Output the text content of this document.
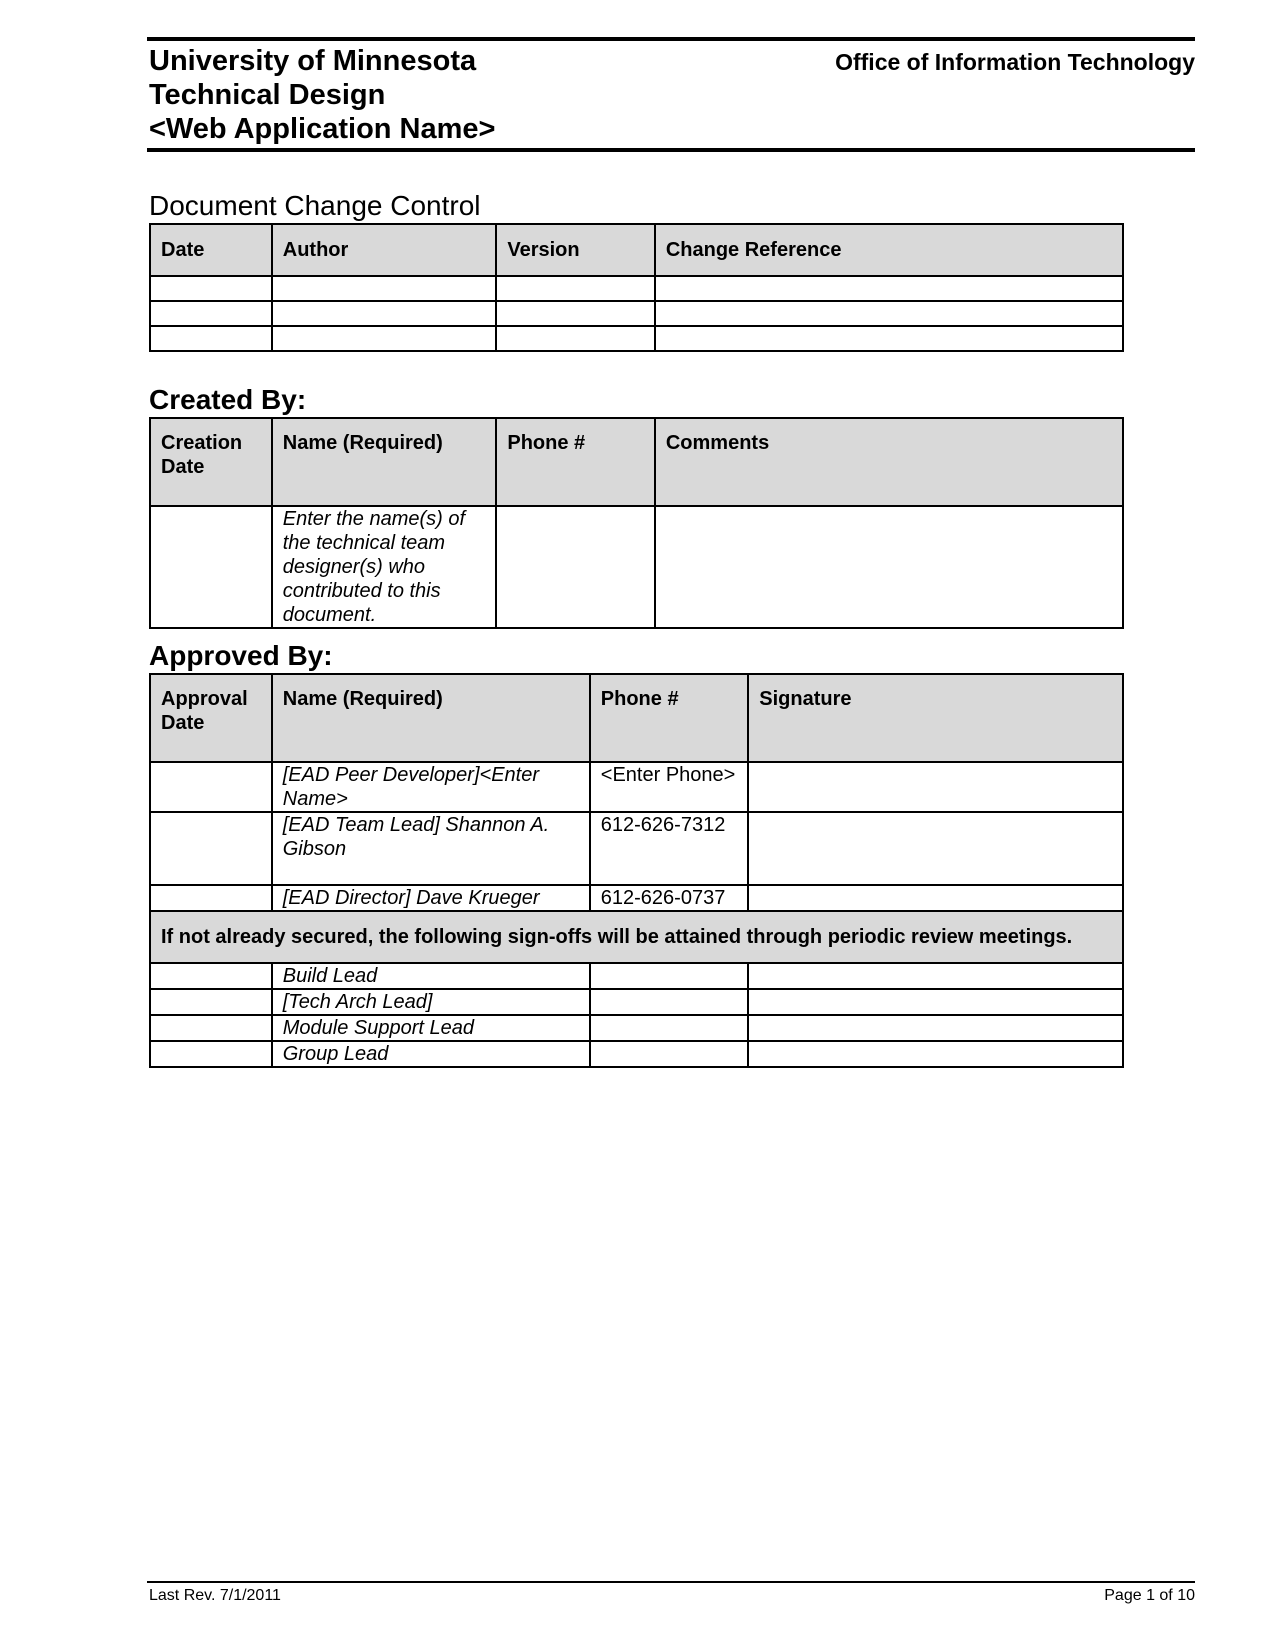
University of Minnesota
Technical Design
<Web Application Name>
Office of Information Technology
Document Change Control
Date	Author	Version	Change Reference

Created By:
Creation Date	Name (Required)	Phone #	Comments
	Enter the name(s) of the technical team designer(s) who contributed to this document.		
Approved By:
Approval Date	Name (Required)	Phone #	Signature
	[EAD Peer Developer]<Enter Name>	<Enter Phone>	
	[EAD Team Lead] Shannon A. Gibson	612-626-7312	
	[EAD Director] Dave Krueger	612-626-0737	
If not already secured, the following sign-offs will be attained through periodic review meetings.			
	Build Lead		
	[Tech Arch Lead]		
	Module Support Lead		
	Group Lead		
Last Rev. 7/1/2011	Page 1 of 10
